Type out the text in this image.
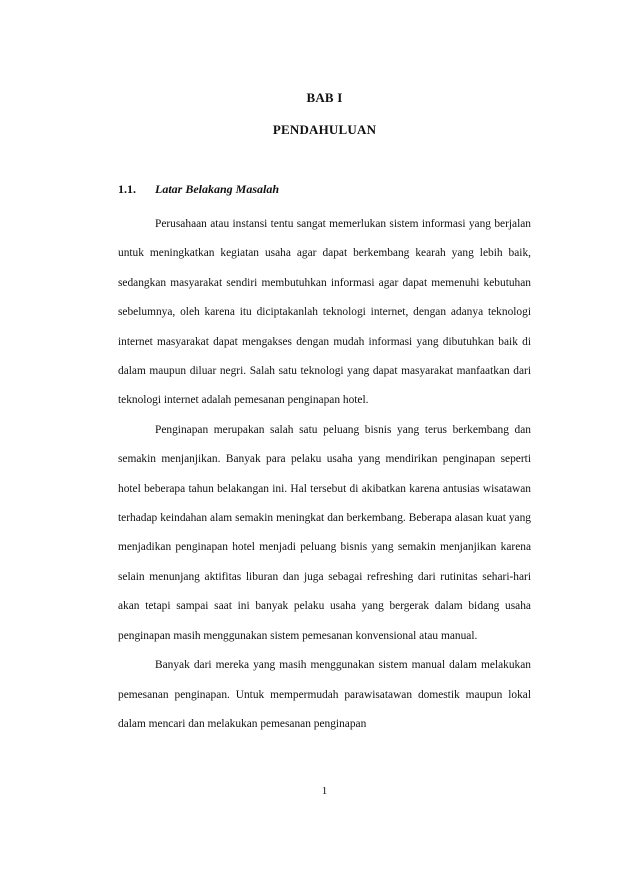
BAB I
PENDAHULUAN
1.1. Latar Belakang Masalah

Perusahaan atau instansi tentu sangat memerlukan sistem informasi yang berjalan untuk meningkatkan kegiatan usaha agar dapat berkembang kearah yang lebih baik, sedangkan masyarakat sendiri membutuhkan informasi agar dapat memenuhi kebutuhan sebelumnya, oleh karena itu diciptakanlah teknologi internet, dengan adanya teknologi internet masyarakat dapat mengakses dengan mudah informasi yang dibutuhkan baik di dalam maupun diluar negri. Salah satu teknologi yang dapat masyarakat manfaatkan dari teknologi internet adalah pemesanan penginapan hotel.

Penginapan merupakan salah satu peluang bisnis yang terus berkembang dan semakin menjanjikan. Banyak para pelaku usaha yang mendirikan penginapan seperti hotel beberapa tahun belakangan ini. Hal tersebut di akibatkan karena antusias wisatawan terhadap keindahan alam semakin meningkat dan berkembang. Beberapa alasan kuat yang menjadikan penginapan hotel menjadi peluang bisnis yang semakin menjanjikan karena selain menunjang aktifitas liburan dan juga sebagai refreshing dari rutinitas sehari-hari akan tetapi sampai saat ini banyak pelaku usaha yang bergerak dalam bidang usaha penginapan masih menggunakan sistem pemesanan konvensional atau manual.

Banyak dari mereka yang masih menggunakan sistem manual dalam melakukan pemesanan penginapan. Untuk mempermudah parawisatawan domestik maupun lokal dalam mencari dan melakukan pemesanan penginapan

1
